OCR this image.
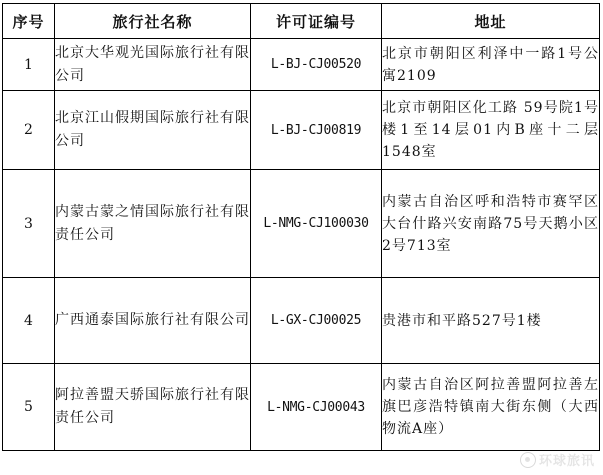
序号	旅行社名称	许可证编号	地址
1	北京大华观光国际旅行社有限公司	L-BJ-CJ00520	北京市朝阳区利泽中一路1号公寓2109
2	北京江山假期国际旅行社有限公司	L-BJ-CJ00819	北京市朝阳区化工路 59号院1号楼1至14层01内B座十二层1548室
3	内蒙古蒙之情国际旅行社有限责任公司	L-NMG-CJ100030	内蒙古自治区呼和浩特市赛罕区大台什路兴安南路75号天鹅小区2号713室
4	广西通泰国际旅行社有限公司	L-GX-CJ00025	贵港市和平路527号1楼
5	阿拉善盟天骄国际旅行社有限责任公司	L-NMG-CJ00043	内蒙古自治区阿拉善盟阿拉善左旗巴彦浩特镇南大街东侧（大西物流A座）
环球旅讯
